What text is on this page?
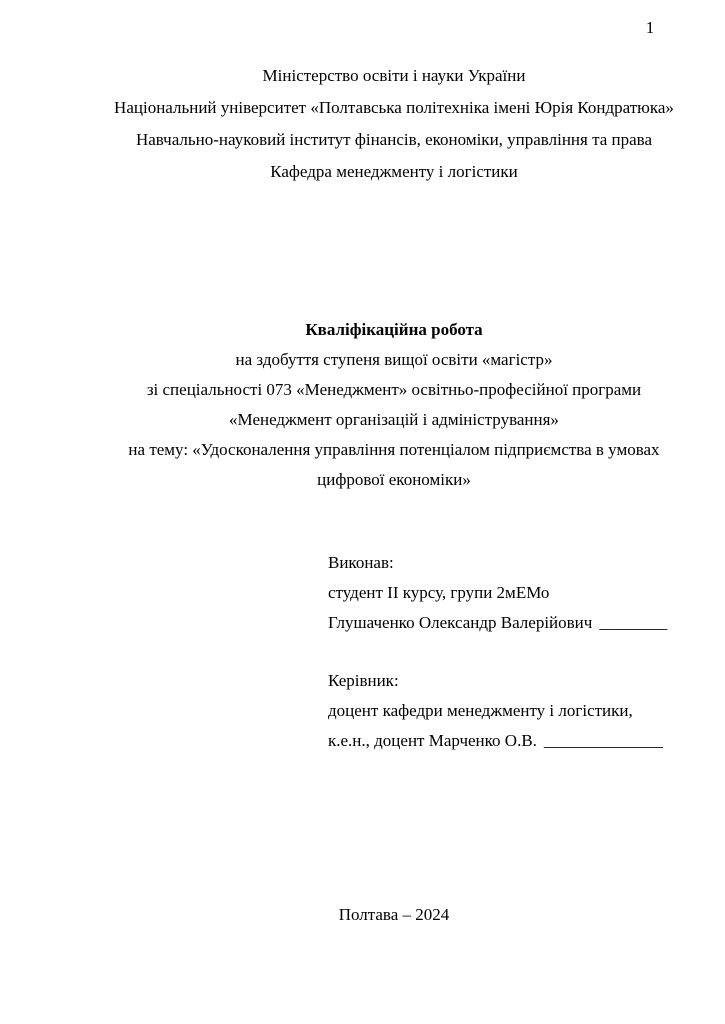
1
Міністерство освіти і науки України
Національний університет «Полтавська політехніка імені Юрія Кондратюка»
Навчально-науковий інститут фінансів, економіки, управління та права
Кафедра менеджменту і логістики
Кваліфікаційна робота
на здобуття ступеня вищої освіти «магістр»
зі спеціальності 073 «Менеджмент» освітньо-професійної програми
«Менеджмент організацій і адміністрування»
на тему: «Удосконалення управління потенціалом підприємства в умовах
цифрової економіки»
Виконав:
студент ІІ курсу, групи 2мЕМо
Глушаченко Олександр Валерійович ________
Керівник:
доцент кафедри менеджменту і логістики,
к.е.н., доцент Марченко О.В. ______________
Полтава – 2024
